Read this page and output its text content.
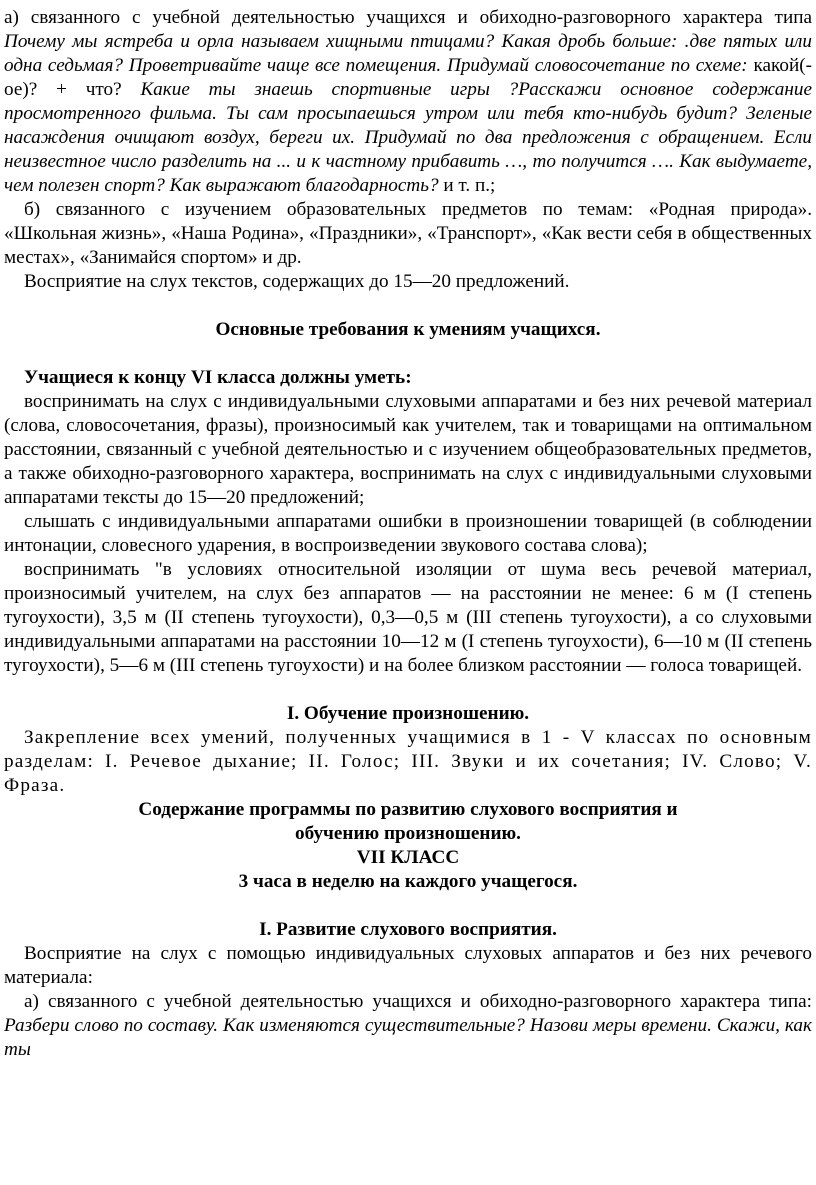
а) связанного с учебной деятельностью учащихся и обиходно-разговорного характера типа Почему мы ястреба и орла называем хищными птицами? Какая дробь больше: .две пятых или одна седьмая? Проветривайте чаще все помещения. Придумай словосочетание по схеме: какой(-ое)? + что? Какие ты знаешь спортивные игры ?Расскажи основное содержание просмотренного фильма. Ты сам просыпаешься утром или тебя кто-нибудь будит? Зеленые насаждения очищают воздух, береги их. Придумай по два предложения с обращением. Если неизвестное число разделить на ... и к частному прибавить …, то получится …. Как выдумаете, чем полезен спорт? Как выражают благодарность? и т. п.;

б) связанного с изучением образовательных предметов по темам: «Родная природа». «Школьная жизнь», «Наша Родина», «Праздники», «Транспорт», «Как вести себя в общественных местах», «Занимайся спортом» и др.

Восприятие на слух текстов, содержащих до 15—20 предложений.

Основные требования к умениям учащихся.

Учащиеся к концу VI класса должны уметь:

воспринимать на слух с индивидуальными слуховыми аппаратами и без них речевой материал (слова, словосочетания, фразы), произносимый как учителем, так и товарищами на оптимальном расстоянии, связанный с учебной деятельностью и с изучением общеобразовательных предметов, а также обиходно-разговорного характера, воспринимать на слух с индивидуальными слуховыми аппаратами тексты до 15—20 предложений;

слышать с индивидуальными аппаратами ошибки в произношении товарищей (в соблюдении интонации, словесного ударения, в воспроизведении звукового состава слова);

воспринимать "в условиях относительной изоляции от шума весь речевой материал, произносимый учителем, на слух без аппаратов — на расстоянии не менее: 6 м (I степень тугоухости), 3,5 м (II степень тугоухости), 0,3—0,5 м (III степень тугоухости), а со слуховыми индивидуальными аппаратами на расстоянии 10—12 м (I степень тугоухости), 6—10 м (II степень тугоухости), 5—6 м (III степень тугоухости) и на более близком расстоянии — голоса товарищей.

I. Обучение произношению.

Закрепление всех умений, полученных учащимися в 1 - V классах по основным разделам: I. Речевое дыхание; II. Голос; III. Звуки и их сочетания; IV. Слово; V. Фраза.

Содержание программы по развитию слухового восприятия и

обучению произношению.

VII КЛАСС

3 часа в неделю на каждого учащегося.

I. Развитие слухового восприятия.

Восприятие на слух с помощью индивидуальных слуховых аппаратов и без них речевого материала:

а) связанного с учебной деятельностью учащихся и обиходно-разговорного характера типа: Разбери слово по составу. Как изменяются существительные? Назови меры времени. Скажи, как ты
